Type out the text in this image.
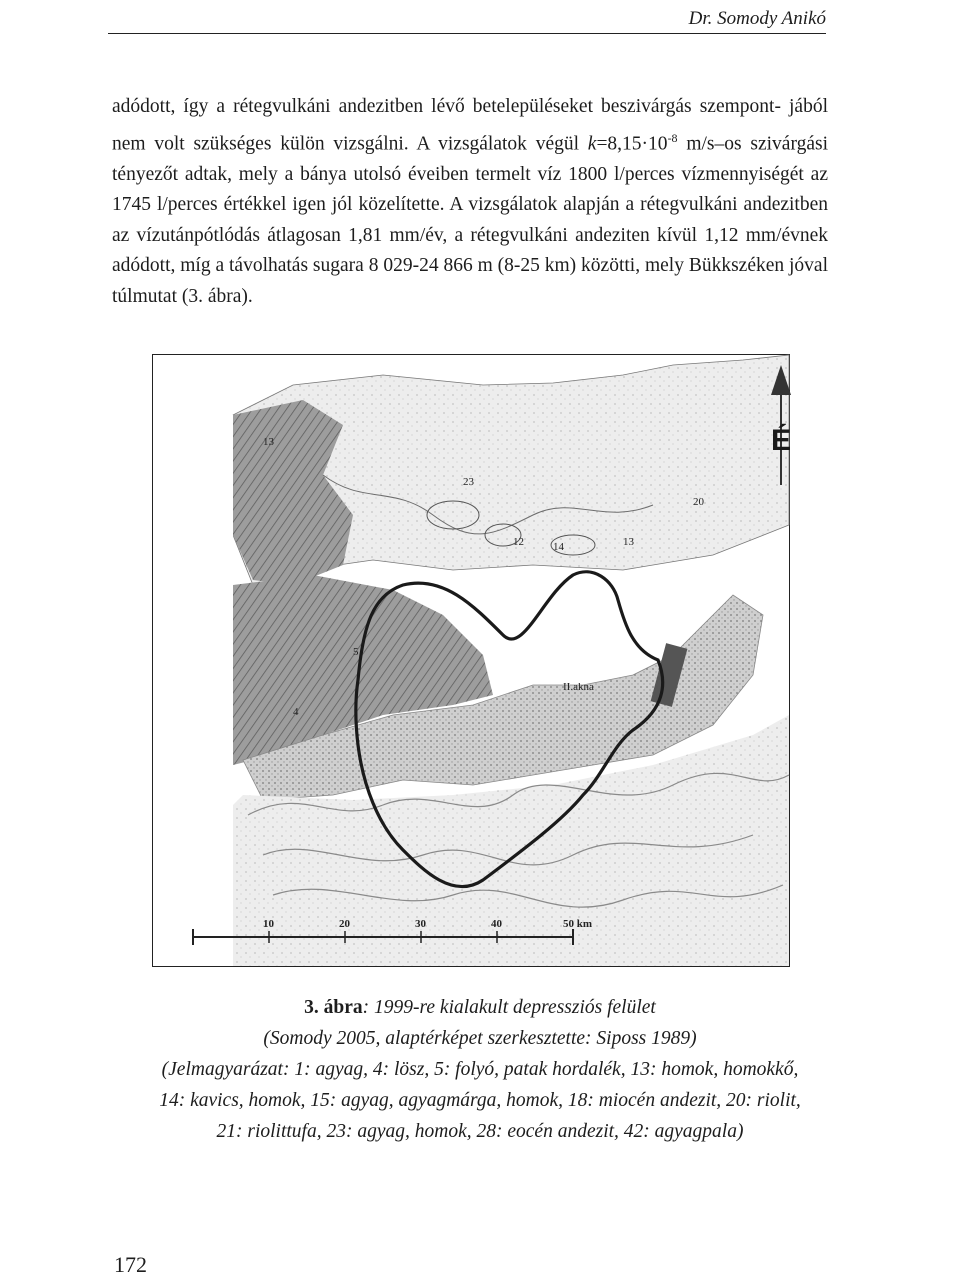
Dr. Somody Anikó

adódott, így a rétegvulkáni andezitben lévő betelepüléseket beszivárgás szempont- jából nem volt szükséges külön vizsgálni. A vizsgálatok végül $k=8,15\cdot 10^{-8}$ m/s–os szivárgási tényezőt adtak, mely a bánya utolsó éveiben termelt víz 1800 l/perces vízmennyiségét az 1745 l/perces értékkel igen jól közelítette. A vizsgálatok alapján a rétegvulkáni andezitben az vízutánpótlódás átlagosan 1,81 mm/év, a rétegvulkáni andeziten kívül 1,12 mm/évnek adódott, míg a távolhatás sugara 8 029-24 866 m (8-25 km) közötti, mely Bükkszéken jóval túlmutat (3. ábra).

É
II.akna
13
12	14
23
13
20
5
4
10	20	30	40	50 km

3. ábra: 1999-re kialakult depressziós felület

(Somody 2005, alaptérképet szerkesztette: Siposs 1989)

(Jelmagyarázat: 1: agyag, 4: lösz, 5: folyó, patak hordalék, 13: homok, homokkő,

14: kavics, homok, 15: agyag, agyagmárga, homok, 18: miocén andezit, 20: riolit,

21: riolittufa, 23: agyag, homok, 28: eocén andezit, 42: agyagpala)

172
